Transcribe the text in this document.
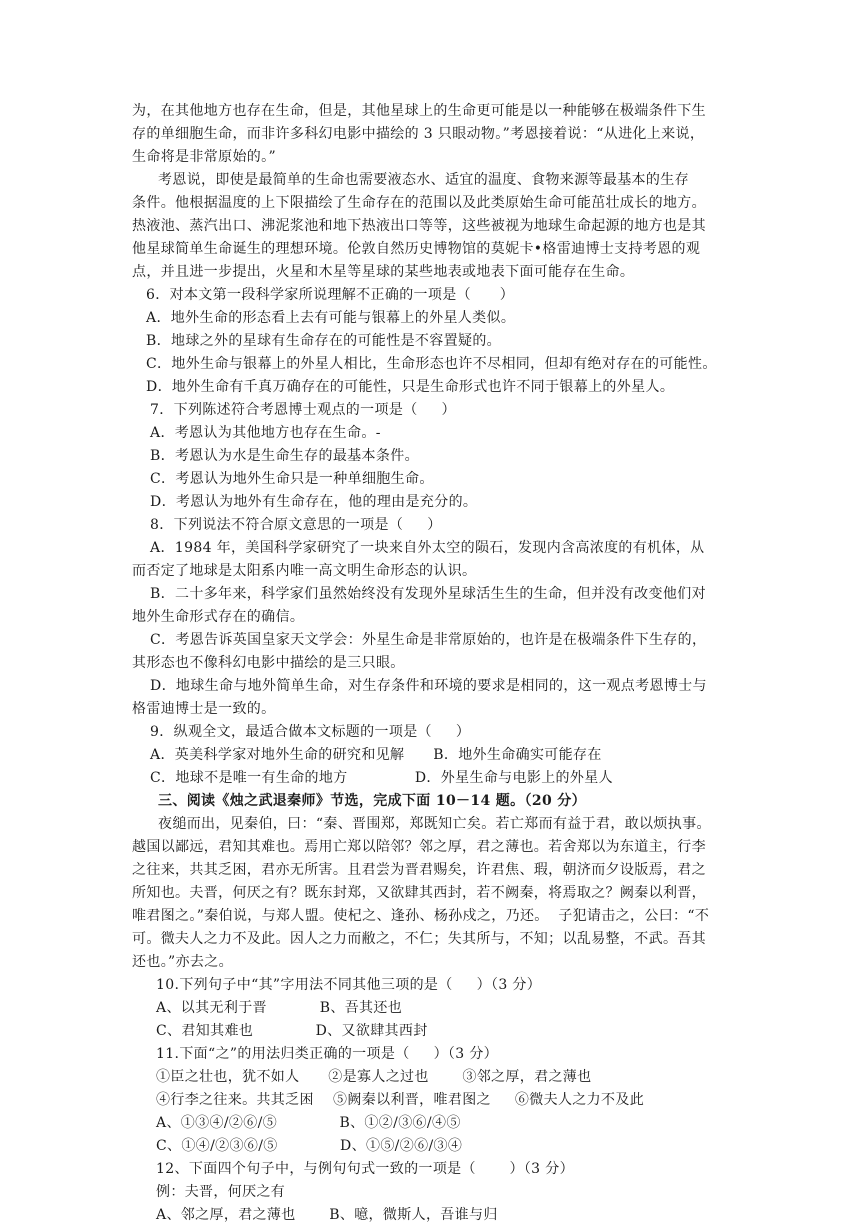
为，在其他地方也存在生命，但是，其他星球上的生命更可能是以一种能够在极端条件下生

存的单细胞生命，而非许多科幻电影中描绘的 3 只眼动物。”考恩接着说：“从进化上来说，

生命将是非常原始的。”

考恩说，即使是最简单的生命也需要液态水、适宜的温度、食物来源等最基本的生存

条件。他根据温度的上下限描绘了生命存在的范围以及此类原始生命可能茁壮成长的地方。

热液池、蒸汽出口、沸泥浆池和地下热液出口等等，这些被视为地球生命起源的地方也是其

他星球简单生命诞生的理想环境。伦敦自然历史博物馆的莫妮卡•格雷迪博士支持考恩的观

点，并且进一步提出，火星和木星等星球的某些地表或地表下面可能存在生命。

6．对本文第一段科学家所说理解不正确的一项是（      ）

A．地外生命的形态看上去有可能与银幕上的外星人类似。

B．地球之外的星球有生命存在的可能性是不容置疑的。

C．地外生命与银幕上的外星人相比，生命形态也许不尽相同，但却有绝对存在的可能性。

D．地外生命有千真万确存在的可能性，只是生命形式也许不同于银幕上的外星人。

7．下列陈述符合考恩博士观点的一项是（     ）

A．考恩认为其他地方也存在生命。-

B．考恩认为水是生命生存的最基本条件。

C．考恩认为地外生命只是一种单细胞生命。

D．考恩认为地外有生命存在，他的理由是充分的。

8．下列说法不符合原文意思的一项是（     ）

A．1984 年，美国科学家研究了一块来自外太空的陨石，发现内含高浓度的有机体，从

而否定了地球是太阳系内唯一高文明生命形态的认识。

B．二十多年来，科学家们虽然始终没有发现外星球活生生的生命，但并没有改变他们对

地外生命形式存在的确信。

C．考恩告诉英国皇家天文学会：外星生命是非常原始的，也许是在极端条件下生存的，

其形态也不像科幻电影中描绘的是三只眼。

D．地球生命与地外简单生命，对生存条件和环境的要求是相同的，这一观点考恩博士与

格雷迪博士是一致的。

9．纵观全文，最适合做本文标题的一项是（     ）

A．英美科学家对地外生命的研究和见解      B．地外生命确实可能存在

C．地球不是唯一有生命的地方              D．外星生命与电影上的外星人

三、阅读《烛之武退秦师》节选，完成下面 10－14 题。（20 分）

夜缒而出，见秦伯，曰：“秦、晋围郑，郑既知亡矣。若亡郑而有益于君，敢以烦执事。

越国以鄙远，君知其难也。焉用亡郑以陪邻？邻之厚，君之薄也。若舍郑以为东道主，行李

之往来，共其乏困，君亦无所害。且君尝为晋君赐矣，许君焦、瑕，朝济而夕设版焉，君之

所知也。夫晋，何厌之有？既东封郑，又欲肆其西封，若不阙秦，将焉取之？阙秦以利晋，

唯君图之。”秦伯说，与郑人盟。使杞之、逢孙、杨孙戍之，乃还。  子犯请击之，公曰：“不

可。微夫人之力不及此。因人之力而敝之，不仁；失其所与，不知；以乱易整，不武。吾其

还也。”亦去之。

10.下列句子中“其”字用法不同其他三项的是（     ）（3 分）

A、以其无利于晋           B、吾其还也

C、君知其难也             D、又欲肆其西封

11.下面“之”的用法归类正确的一项是（     ）（3 分）

①臣之壮也，犹不如人      ②是寡人之过也       ③邻之厚，君之薄也

④行李之往来。共其乏困    ⑤阙秦以利晋，唯君图之     ⑥微夫人之力不及此

A、①③④/②⑥/⑤             B、①②/③⑥/④⑤

C、①④/②③⑥/⑤             D、①⑤/②⑥/③④

12、下面四个句子中，与例句句式一致的一项是（       ）（3 分）

例：夫晋，何厌之有

A、邻之厚，君之薄也       B、噫，微斯人，吾谁与归
